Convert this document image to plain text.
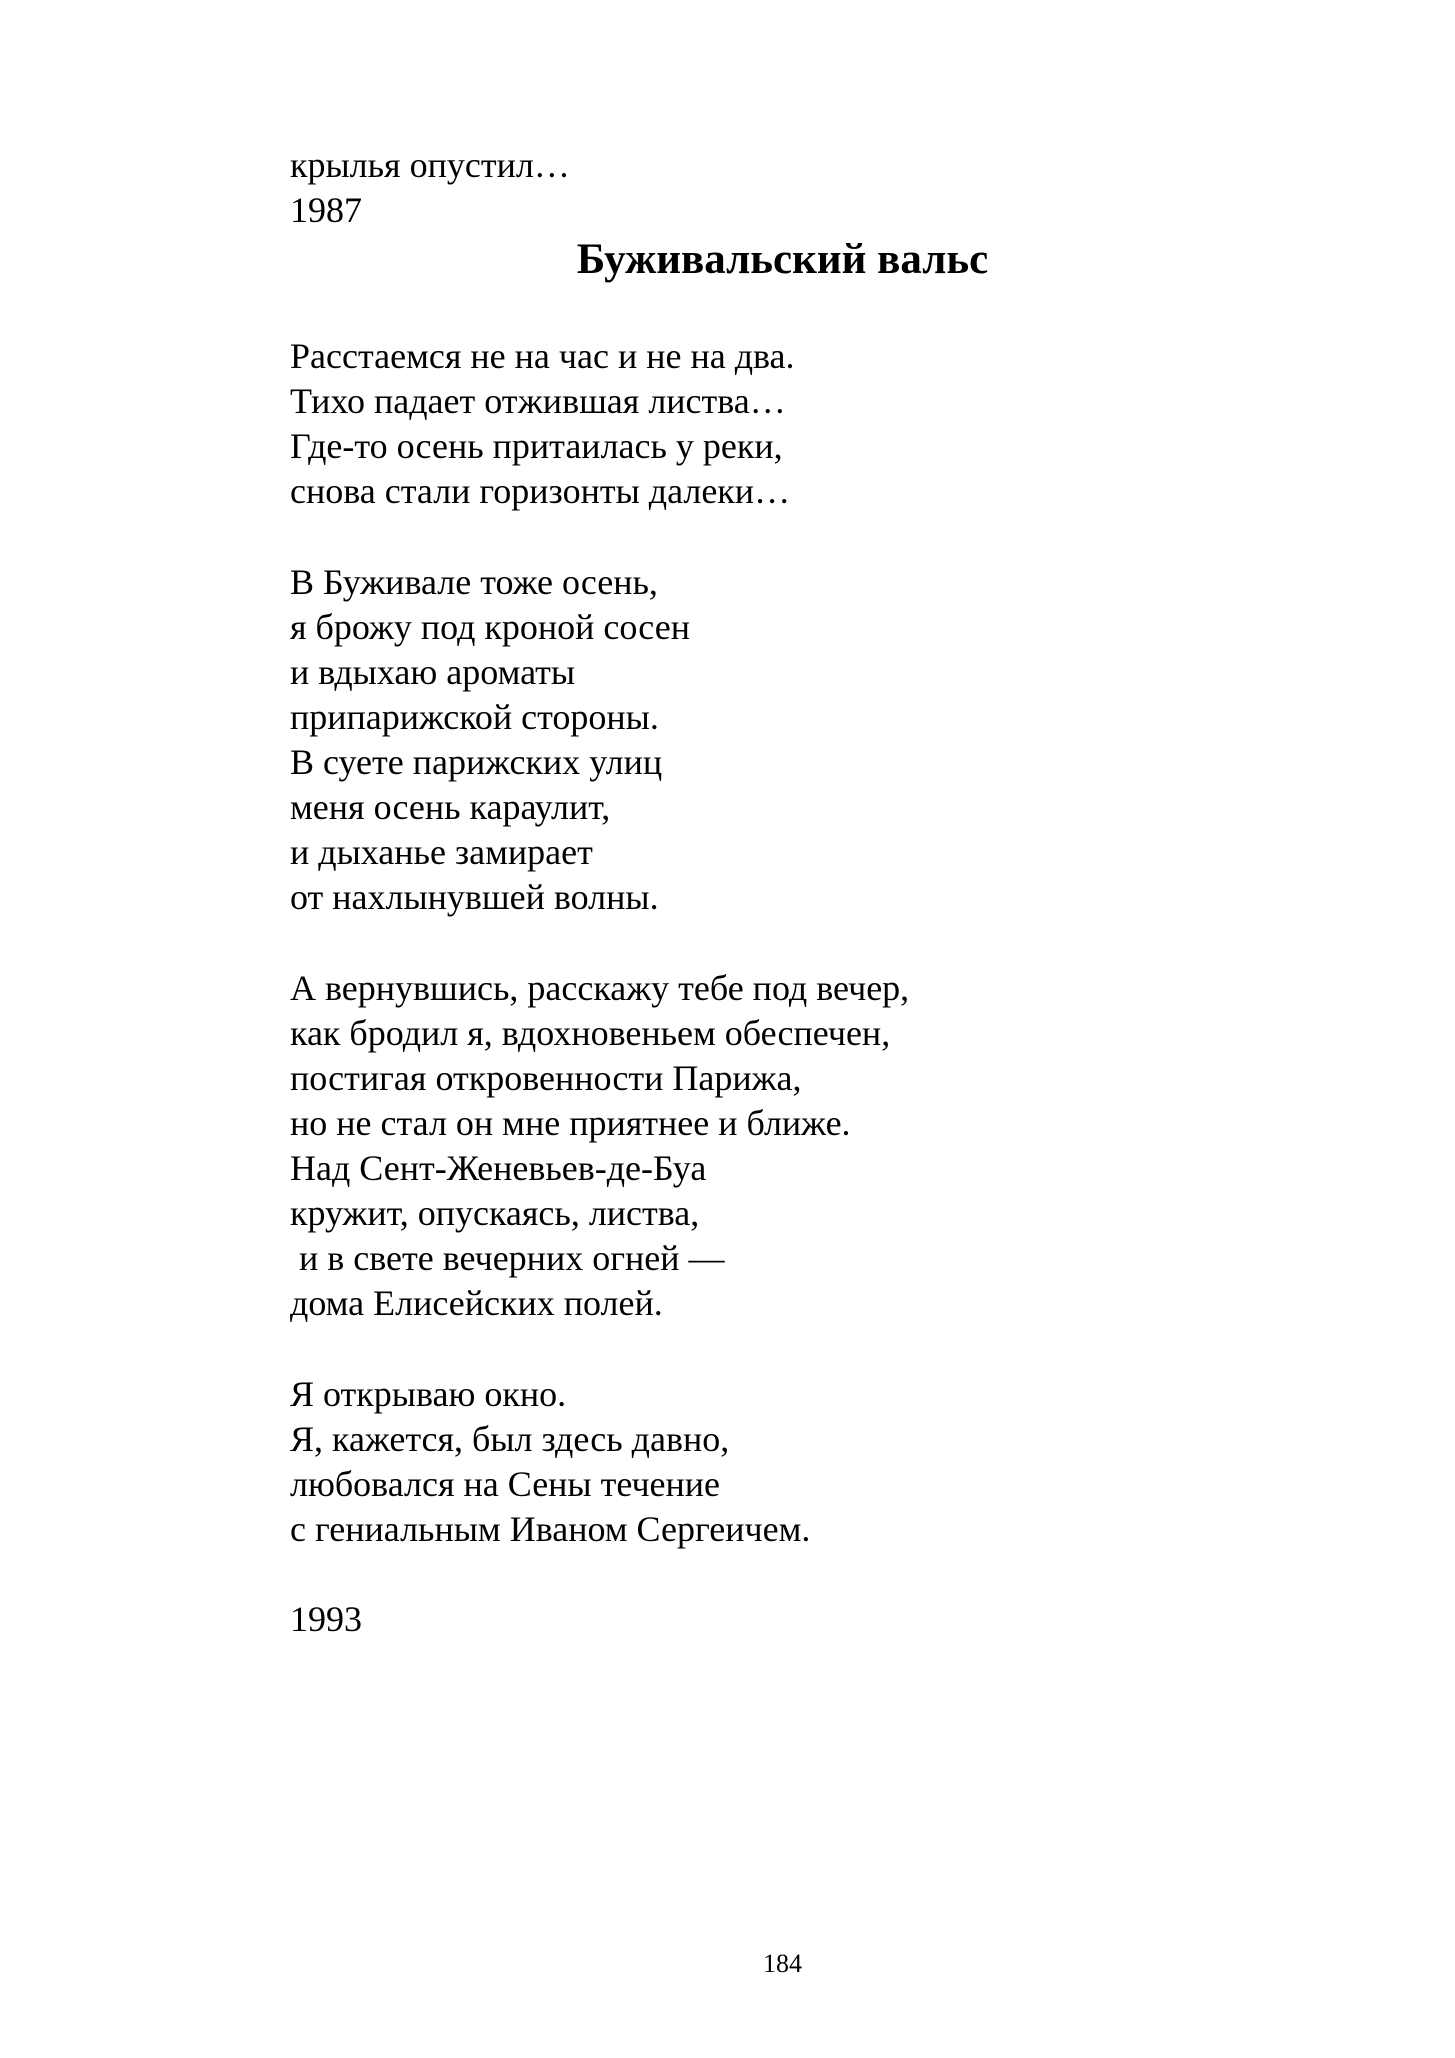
крылья опустил…

1987

Буживальский вальс

Расстаемся не на час и не на два.

Тихо падает отжившая листва…

Где-то осень притаилась у реки,

снова стали горизонты далеки…

В Буживале тоже осень,

я брожу под кроной сосен

и вдыхаю ароматы

припарижской стороны.

В суете парижских улиц

меня осень караулит,

и дыханье замирает

от нахлынувшей волны.

А вернувшись, расскажу тебе под вечер,

как бродил я, вдохновеньем обеспечен,

постигая откровенности Парижа,

но не стал он мне приятнее и ближе.

Над Сент-Женевьев-де-Буа

кружит, опускаясь, листва,

и в свете вечерних огней —

дома Елисейских полей.

Я открываю окно.

Я, кажется, был здесь давно,

любовался на Сены течение

с гениальным Иваном Сергеичем.

1993

184
